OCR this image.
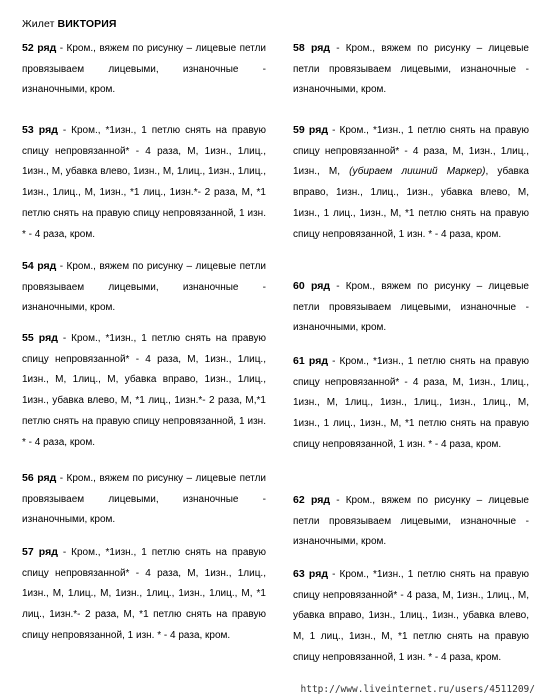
Жилет ВИКТОРИЯ

52 ряд - Кром., вяжем по рисунку – лицевые петли провязываем лицевыми, изнаночные - изнаночными, кром.

53 ряд - Кром., *1изн., 1 петлю снять на правую спицу непровязанной* - 4 раза, М, 1изн., 1лиц., 1изн., М, убавка влево, 1изн., М, 1лиц., 1изн., 1лиц., 1изн., 1лиц., М, 1изн., *1 лиц., 1изн.*- 2 раза, М, *1 петлю снять на правую спицу непровязанной, 1 изн. * - 4 раза, кром.

54 ряд - Кром., вяжем по рисунку – лицевые петли провязываем лицевыми, изнаночные - изнаночными, кром.

55 ряд - Кром., *1изн., 1 петлю снять на правую спицу непровязанной* - 4 раза, М, 1изн., 1лиц., 1изн., М, 1лиц., М, убавка вправо, 1изн., 1лиц., 1изн., убавка влево, М, *1 лиц., 1изн.*- 2 раза, М,*1 петлю снять на правую спицу непровязанной, 1 изн. * - 4 раза, кром.

56 ряд - Кром., вяжем по рисунку – лицевые петли провязываем лицевыми, изнаночные - изнаночными, кром.

57 ряд - Кром., *1изн., 1 петлю снять на правую спицу непровязанной* - 4 раза, М, 1изн., 1лиц., 1изн., М, 1лиц., М, 1изн., 1лиц., 1изн., 1лиц., М, *1 лиц., 1изн.*- 2 раза, М, *1 петлю снять на правую спицу непровязанной, 1 изн. * - 4 раза, кром.

58 ряд - Кром., вяжем по рисунку – лицевые петли провязываем лицевыми, изнаночные - изнаночными, кром.

59 ряд - Кром., *1изн., 1 петлю снять на правую спицу непровязанной* - 4 раза, М, 1изн., 1лиц., 1изн., М, (убираем лишний Маркер), убавка вправо, 1изн., 1лиц., 1изн., убавка влево, М, 1изн., 1 лиц., 1изн., М, *1 петлю снять на правую спицу непровязанной, 1 изн. * - 4 раза, кром.

60 ряд - Кром., вяжем по рисунку – лицевые петли провязываем лицевыми, изнаночные - изнаночными, кром.

61 ряд - Кром., *1изн., 1 петлю снять на правую спицу непровязанной* - 4 раза, М, 1изн., 1лиц., 1изн., М, 1лиц., 1изн., 1лиц., 1изн., 1лиц., М, 1изн., 1 лиц., 1изн., М, *1 петлю снять на правую спицу непровязанной, 1 изн. * - 4 раза, кром.

62 ряд - Кром., вяжем по рисунку – лицевые петли провязываем лицевыми, изнаночные - изнаночными, кром.

63 ряд - Кром., *1изн., 1 петлю снять на правую спицу непровязанной* - 4 раза, М, 1изн., 1лиц., М, убавка вправо, 1изн., 1лиц., 1изн., убавка влево, М, 1 лиц., 1изн., М, *1 петлю снять на правую спицу непровязанной, 1 изн. * - 4 раза, кром.

http://www.liveinternet.ru/users/4511209/
